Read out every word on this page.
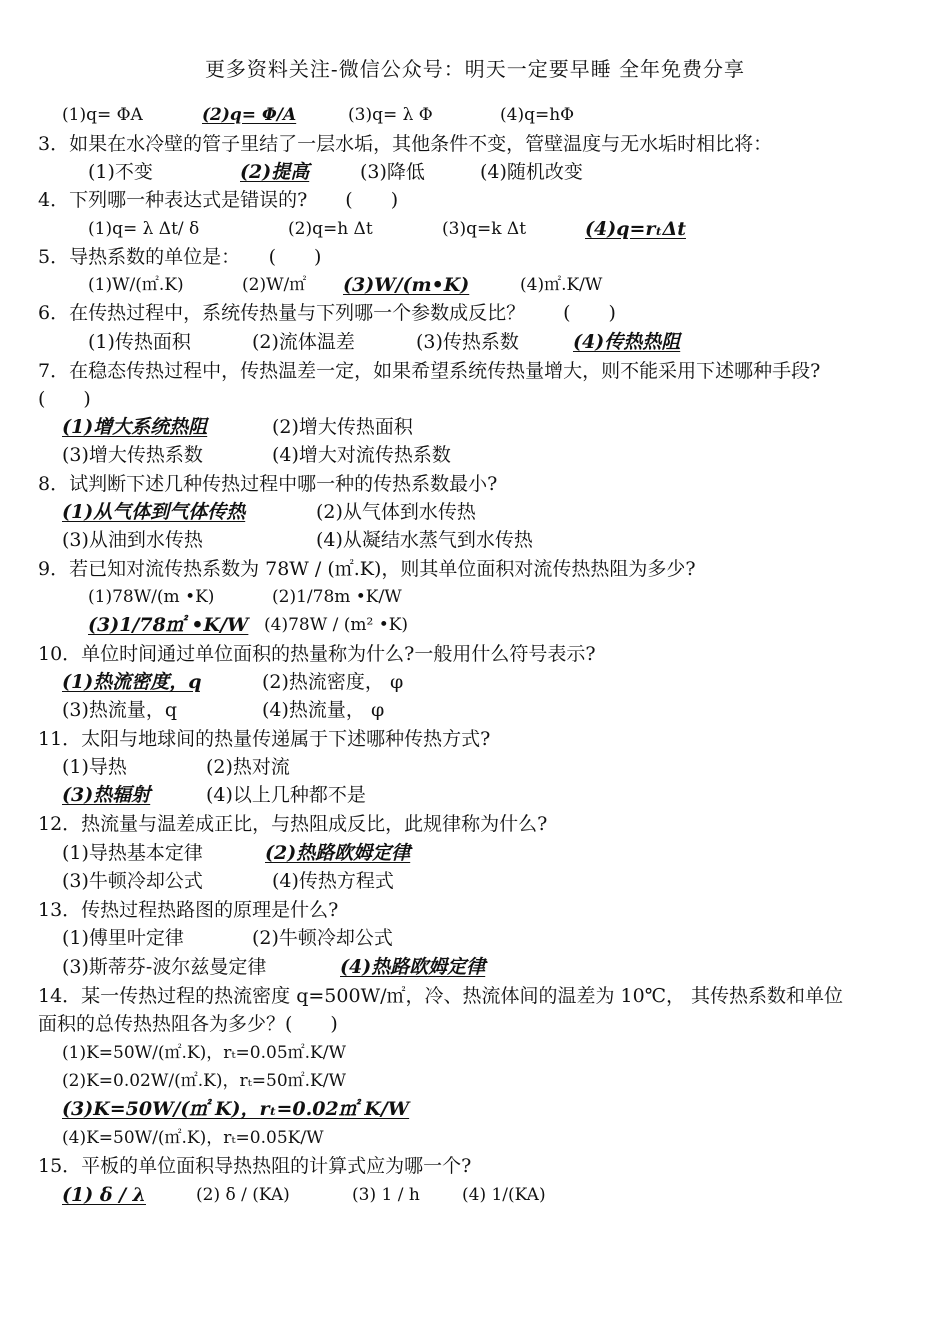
更多资料关注-微信公众号：明天一定要早睡 全年免费分享
(1)q= ΦA	(2)q= Φ/A	(3)q= λ Φ	(4)q=hΦ
3．如果在水冷壁的管子里结了一层水垢，其他条件不变，管壁温度与无水垢时相比将：
(1)不变	(2)提高	(3)降低	(4)随机改变
4．下列哪一种表达式是错误的?　　(　　)
(1)q= λ Δt/ δ	(2)q=h Δt	(3)q=k Δt	(4)q=rₜΔt
5．导热系数的单位是：　　(　　)
(1)W/(㎡.K)	(2)W/㎡ (3)W/(m•K)	(4)㎡.K/W
6．在传热过程中，系统传热量与下列哪一个参数成反比？　　(　　)
(1)传热面积	(2)流体温差	(3)传热系数	(4)传热热阻
7．在稳态传热过程中，传热温差一定，如果希望系统传热量增大，则不能采用下述哪种手段?
(　　)
(1)增大系统热阻	(2)增大传热面积
(3)增大传热系数	(4)增大对流传热系数
8．试判断下述几种传热过程中哪一种的传热系数最小?
(1)从气体到气体传热	(2)从气体到水传热
(3)从油到水传热	(4)从凝结水蒸气到水传热
9．若已知对流传热系数为 78W / (㎡.K)，则其单位面积对流传热热阻为多少?
(1)78W/(m •K)	(2)1/78m •K/W
(3)1/78㎡ •K/W (4)78W / (m² •K)
10．单位时间通过单位面积的热量称为什么?一般用什么符号表示?
(1)热流密度，q	(2)热流密度， φ
(3)热流量，q	(4)热流量， φ
11．太阳与地球间的热量传递属于下述哪种传热方式?
(1)导热	(2)热对流
(3)热辐射	(4)以上几种都不是
12．热流量与温差成正比，与热阻成反比，此规律称为什么?
(1)导热基本定律	(2)热路欧姆定律
(3)牛顿冷却公式	(4)传热方程式
13．传热过程热路图的原理是什么?
(1)傅里叶定律	(2)牛顿冷却公式
(3)斯蒂芬-波尔兹曼定律	(4)热路欧姆定律
14．某一传热过程的热流密度 q=500W/㎡，冷、热流体间的温差为 10℃， 其传热系数和单位
面积的总传热热阻各为多少？(　　)
(1)K=50W/(㎡.K)，rₜ=0.05㎡.K/W
(2)K=0.02W/(㎡.K)，rₜ=50㎡.K/W
(3)K=50W/(㎡ K)，rₜ=0.02㎡ K/W
(4)K=50W/(㎡.K)，rₜ=0.05K/W
15．平板的单位面积导热热阻的计算式应为哪一个?
(1) δ / λ	(2) δ / (KA)	(3) 1 / h (4) 1/(KA)
